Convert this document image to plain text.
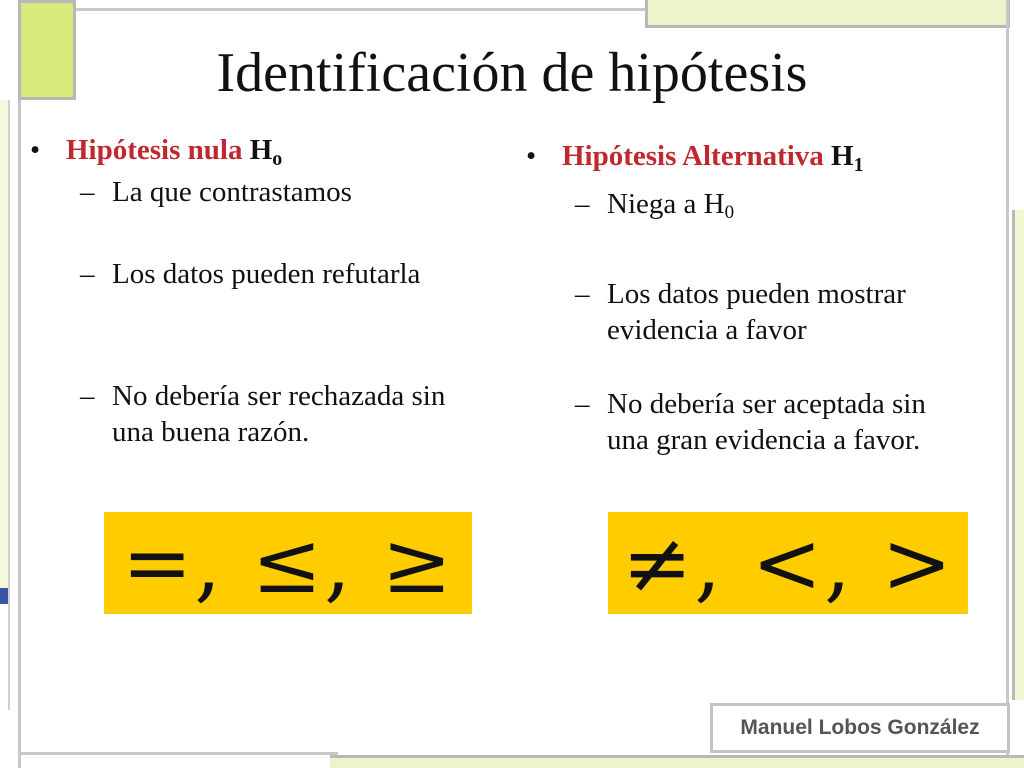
Identificación de hipótesis
• Hipótesis nula $H_o$
– La que contrastamos
– Los datos pueden refutarla
– No debería ser rechazada sin
una buena razón.
=, ≤, ≥
• Hipótesis Alternativa $H_1$
– Niega a $H_0$
– Los datos pueden mostrar
evidencia a favor
– No debería ser aceptada sin
una gran evidencia a favor.
≠, <, >
Manuel Lobos González
